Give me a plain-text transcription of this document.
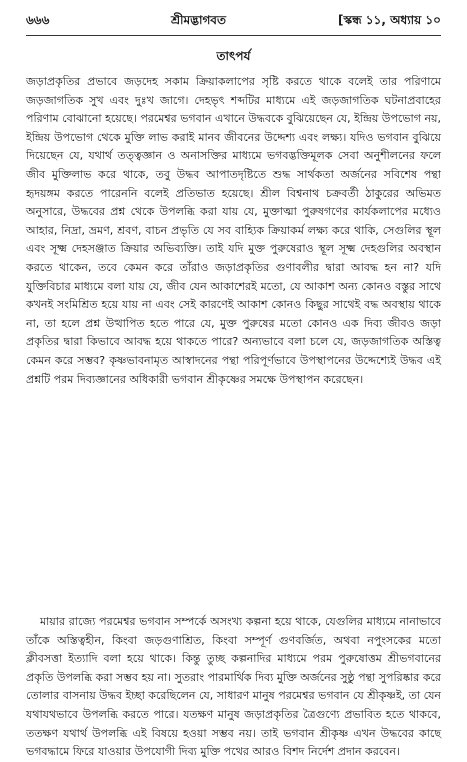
৬৬৬	শ্রীমদ্ভাগবত	[স্কন্ধ ১১, অধ্যায় ১০
তাৎপর্য

জড়াপ্রকৃতির প্রভাবে জড়দেহ সকাম ক্রিয়াকলাপের সৃষ্টি করতে থাকে বলেই তার পরিণামে জড়জাগতিক সুখ এবং দুঃখ জাগে। দেহভৃৎ শব্দটির মাধ্যমে এই জড়জাগতিক ঘটনাপ্রবাহের পরিণাম বোঝানো হয়েছে। পরমেশ্বর ভগবান এখানে উদ্ধবকে বুঝিয়েছেন যে, ইন্দ্রিয় উপভোগ নয়, ইন্দ্রিয় উপভোগ থেকে মুক্তি লাভ করাই মানব জীবনের উদ্দেশ্য এবং লক্ষ্য। যদিও ভগবান বুঝিয়ে দিয়েছেন যে, যথার্থ তত্ত্বজ্ঞান ও অনাসক্তির মাধ্যমে ভগবদ্ভক্তিমূলক সেবা অনুশীলনের ফলে জীব মুক্তিলাভ করে থাকে, তবু উদ্ধব আপাতদৃষ্টিতে শুদ্ধ সার্থকতা অর্জনের সবিশেষ পন্থা হৃদয়ঙ্গম করতে পারেননি বলেই প্রতিভাত হয়েছে। শ্রীল বিশ্বনাথ চক্রবর্তী ঠাকুরের অভিমত অনুসারে, উদ্ধবের প্রশ্ন থেকে উপলব্ধি করা যায় যে, মুক্তাত্মা পুরুষগণের কার্যকলাপের মধ্যেও আহার, নিদ্রা, ভ্রমণ, শ্রবণ, বাচন প্রভৃতি যে সব বাহ্যিক ক্রিয়াকর্ম লক্ষ্য করে থাকি, সেগুলির স্থূল এবং সূক্ষ্ম দেহসঞ্জাত ক্রিয়ার অভিব্যক্তি। তাই যদি মুক্ত পুরুষেরাও স্থূল সূক্ষ্ম দেহগুলির অবস্থান করতে থাকেন, তবে কেমন করে তাঁরাও জড়াপ্রকৃতির গুণাবলীর দ্বারা আবদ্ধ হন না? যদি যুক্তিবিচার মাধ্যমে বলা যায় যে, জীব যেন আকাশেরই মতো, যে আকাশ অন্য কোনও বস্তুর সাথে কখনই সংমিশ্রিত হয়ে যায় না এবং সেই কারণেই আকাশ কোনও কিছুর সাথেই বদ্ধ অবস্থায় থাকে না, তা হলে প্রশ্ন উত্থাপিত হতে পারে যে, মুক্ত পুরুষের মতো কোনও এক দিব্য জীবও জড়া প্রকৃতির দ্বারা কিভাবে আবদ্ধ হয়ে থাকতে পারে? অন্যভাবে বলা চলে যে, জড়জাগতিক অস্তিত্ব কেমন করে সম্ভব? কৃষ্ণভাবনামৃত আস্বাদনের পন্থা পরিপূর্ণভাবে উপস্থাপনের উদ্দেশ্যেই উদ্ধব এই প্রশ্নটি পরম দিব্যজ্ঞানের অধিকারী ভগবান শ্রীকৃষ্ণের সমক্ষে উপস্থাপন করেছেন।

মায়ার রাজ্যে পরমেশ্বর ভগবান সম্পর্কে অসংখ্য কল্পনা হয়ে থাকে, যেগুলির মাধ্যমে নানাভাবে তাঁকে অস্তিত্বহীন, কিংবা জড়গুণাশ্রিত, কিংবা সম্পূর্ণ গুণবর্জিত, অথবা নপুংসকের মতো ক্লীবসত্তা ইত্যাদি বলা হয়ে থাকে। কিন্তু তুচ্ছ কল্পনাদির মাধ্যমে পরম পুরুষোত্তম শ্রীভগবানের প্রকৃতি উপলব্ধি করা সম্ভব হয় না। সুতরাং পারমার্থিক দিব্য মুক্তি অর্জনের সুষ্ঠু পন্থা সুপরিষ্কার করে তোলার বাসনায় উদ্ধব ইচ্ছা করেছিলেন যে, সাধারণ মানুষ পরমেশ্বর ভগবান যে শ্রীকৃষ্ণই, তা যেন যথাযথভাবে উপলব্ধি করতে পারে। যতক্ষণ মানুষ জড়াপ্রকৃতির ত্রৈগুণ্যে প্রভাবিত হতে থাকবে, ততক্ষণ যথার্থ উপলব্ধি এই বিষয়ে হওয়া সম্ভব নয়। তাই ভগবান শ্রীকৃষ্ণ এখন উদ্ধবের কাছে ভগবদ্ধামে ফিরে যাওয়ার উপযোগী দিব্য মুক্তি পথের আরও বিশদ নির্দেশ প্রদান করবেন।
